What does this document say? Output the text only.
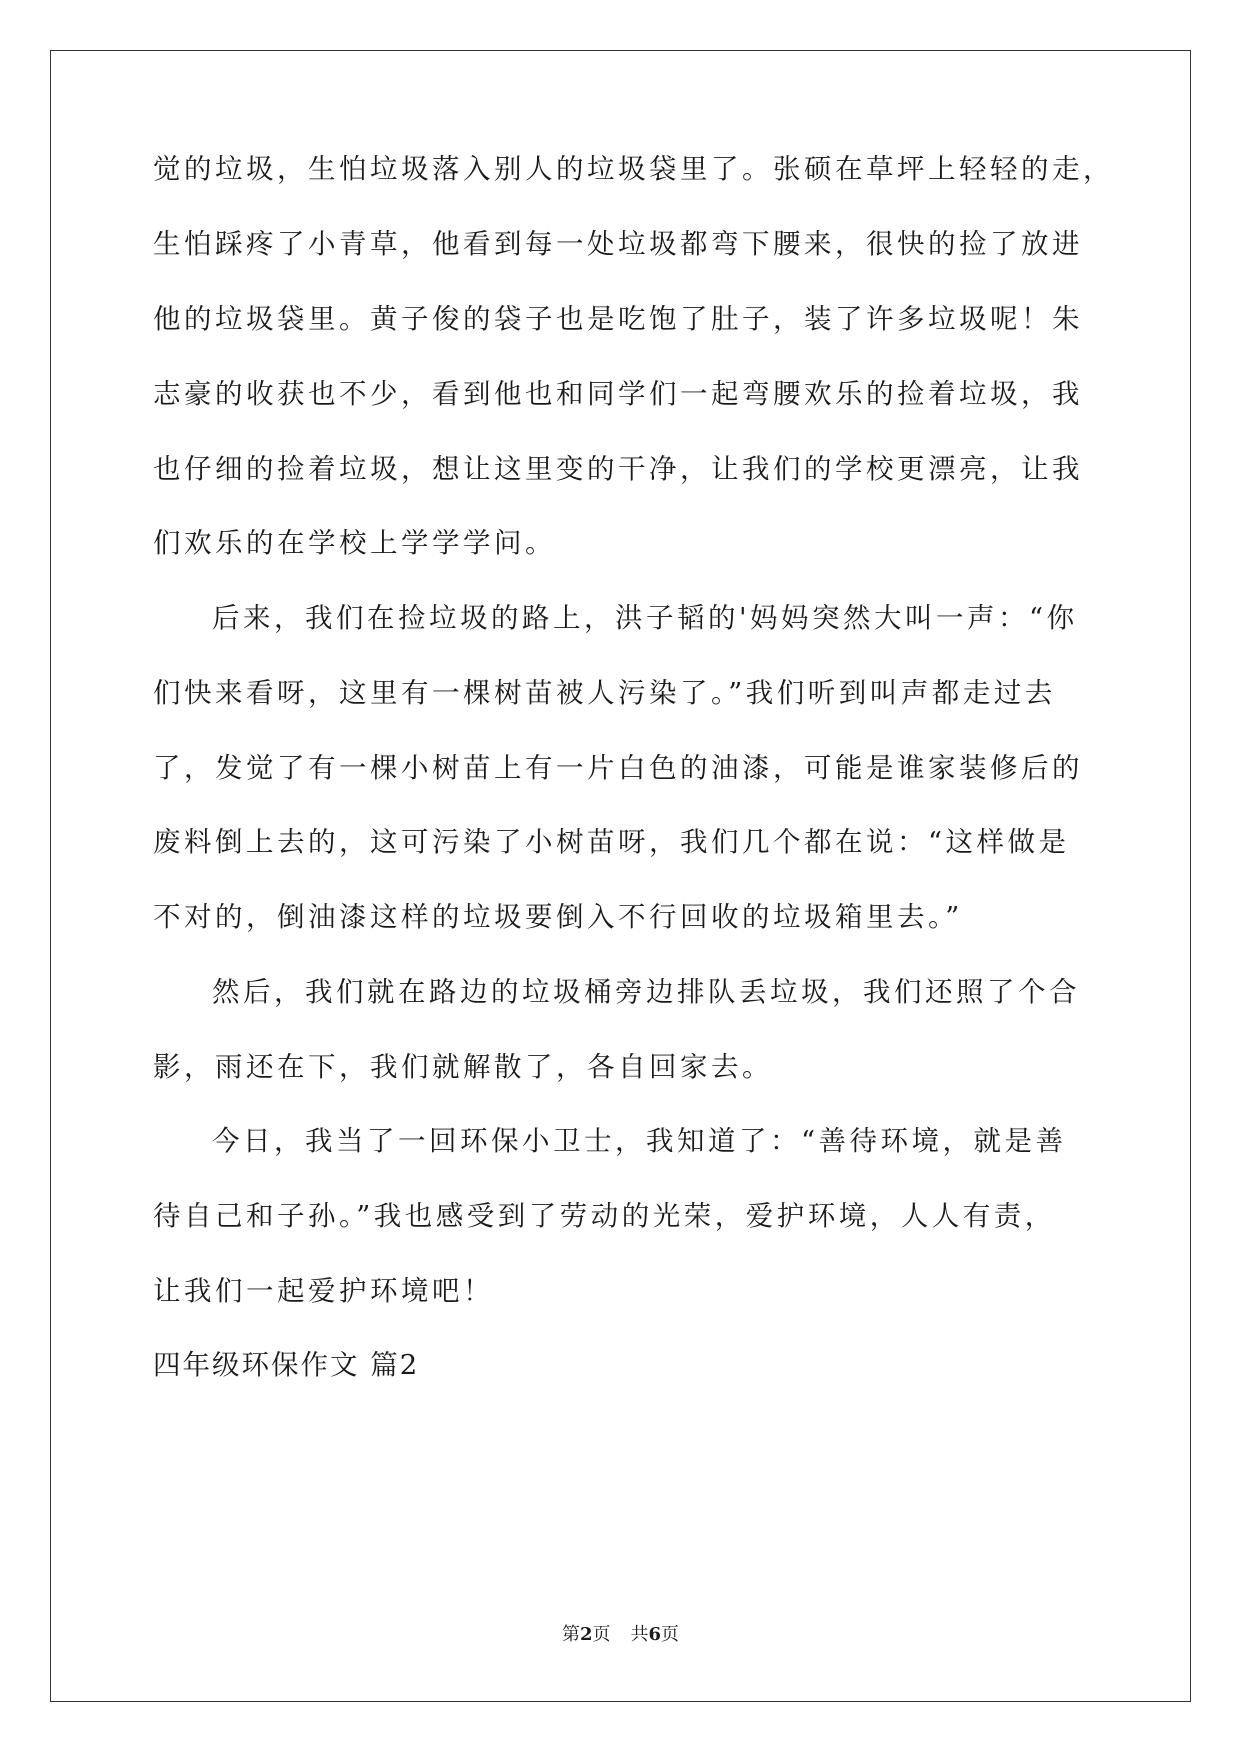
觉的垃圾，生怕垃圾落入别人的垃圾袋里了。张硕在草坪上轻轻的走，
生怕踩疼了小青草，他看到每一处垃圾都弯下腰来，很快的捡了放进
他的垃圾袋里。黄子俊的袋子也是吃饱了肚子，装了许多垃圾呢！朱
志豪的收获也不少，看到他也和同学们一起弯腰欢乐的捡着垃圾，我
也仔细的捡着垃圾，想让这里变的干净，让我们的学校更漂亮，让我
们欢乐的在学校上学学学问。
后来，我们在捡垃圾的路上，洪子韬的'妈妈突然大叫一声：“你
们快来看呀，这里有一棵树苗被人污染了。”我们听到叫声都走过去
了，发觉了有一棵小树苗上有一片白色的油漆，可能是谁家装修后的
废料倒上去的，这可污染了小树苗呀，我们几个都在说：“这样做是
不对的，倒油漆这样的垃圾要倒入不行回收的垃圾箱里去。”
然后，我们就在路边的垃圾桶旁边排队丢垃圾，我们还照了个合
影，雨还在下，我们就解散了，各自回家去。
今日，我当了一回环保小卫士，我知道了：“善待环境，就是善
待自己和子孙。”我也感受到了劳动的光荣，爱护环境，人人有责，
让我们一起爱护环境吧！
四年级环保作文 篇2
第2页 共6页
